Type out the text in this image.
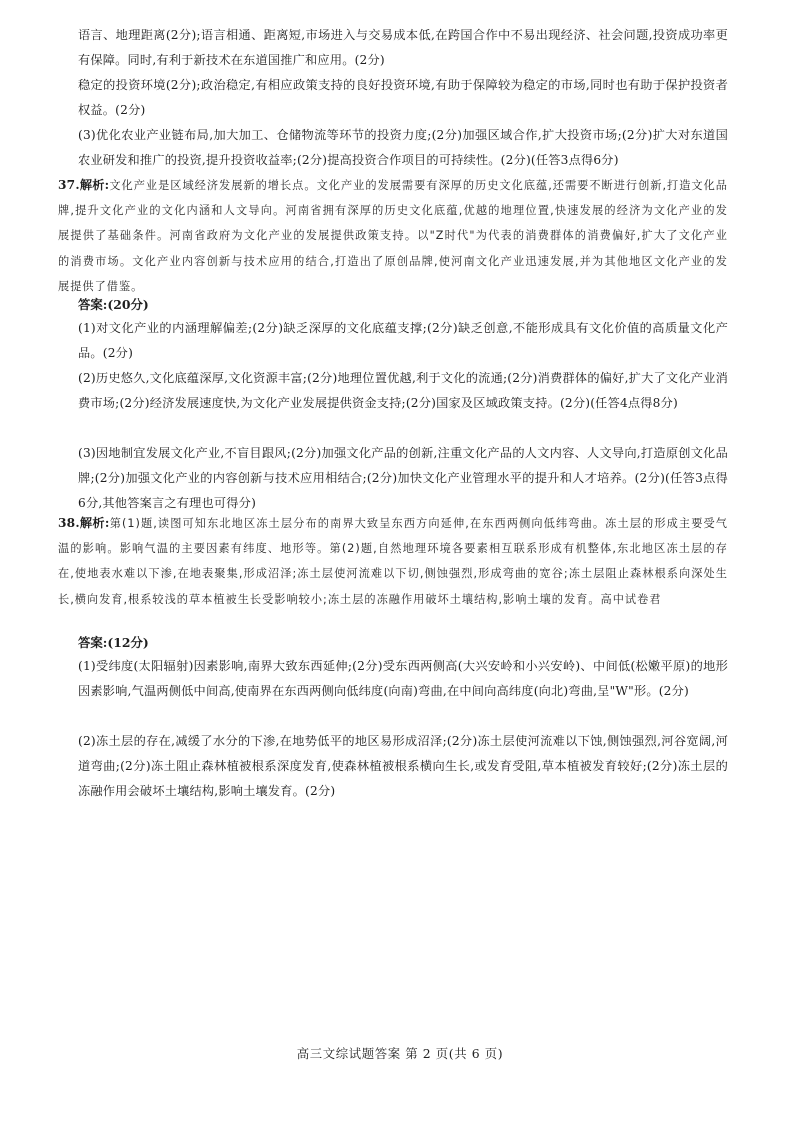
语言、地理距离(2分);语言相通、距离短,市场进入与交易成本低,在跨国合作中不易出现经济、社会问题,投资成功率更有保障。同时,有利于新技术在东道国推广和应用。(2分)
稳定的投资环境(2分);政治稳定,有相应政策支持的良好投资环境,有助于保障较为稳定的市场,同时也有助于保护投资者权益。(2分)
(3)优化农业产业链布局,加大加工、仓储物流等环节的投资力度;(2分)加强区域合作,扩大投资市场;(2分)扩大对东道国农业研发和推广的投资,提升投资收益率;(2分)提高投资合作项目的可持续性。(2分)(任答3点得6分)
37.解析:文化产业是区域经济发展新的增长点。文化产业的发展需要有深厚的历史文化底蕴,还需要不断进行创新,打造文化品牌,提升文化产业的文化内涵和人文导向。河南省拥有深厚的历史文化底蕴,优越的地理位置,快速发展的经济为文化产业的发展提供了基础条件。河南省政府为文化产业的发展提供政策支持。以"Z时代"为代表的消费群体的消费偏好,扩大了文化产业的消费市场。文化产业内容创新与技术应用的结合,打造出了原创品牌,使河南文化产业迅速发展,并为其他地区文化产业的发展提供了借鉴。
答案:(20分)
(1)对文化产业的内涵理解偏差;(2分)缺乏深厚的文化底蕴支撑;(2分)缺乏创意,不能形成具有文化价值的高质量文化产品。(2分)
(2)历史悠久,文化底蕴深厚,文化资源丰富;(2分)地理位置优越,利于文化的流通;(2分)消费群体的偏好,扩大了文化产业消费市场;(2分)经济发展速度快,为文化产业发展提供资金支持;(2分)国家及区域政策支持。(2分)(任答4点得8分)
(3)因地制宜发展文化产业,不盲目跟风;(2分)加强文化产品的创新,注重文化产品的人文内容、人文导向,打造原创文化品牌;(2分)加强文化产业的内容创新与技术应用相结合;(2分)加快文化产业管理水平的提升和人才培养。(2分)(任答3点得6分,其他答案言之有理也可得分)
38.解析:第(1)题,读图可知东北地区冻土层分布的南界大致呈东西方向延伸,在东西两侧向低纬弯曲。冻土层的形成主要受气温的影响。影响气温的主要因素有纬度、地形等。第(2)题,自然地理环境各要素相互联系形成有机整体,东北地区冻土层的存在,使地表水难以下渗,在地表聚集,形成沼泽;冻土层使河流难以下切,侧蚀强烈,形成弯曲的宽谷;冻土层阻止森林根系向深处生长,横向发育,根系较浅的草本植被生长受影响较小;冻土层的冻融作用破坏土壤结构,影响土壤的发育。高中试卷君
答案:(12分)
(1)受纬度(太阳辐射)因素影响,南界大致东西延伸;(2分)受东西两侧高(大兴安岭和小兴安岭)、中间低(松嫩平原)的地形因素影响,气温两侧低中间高,使南界在东西两侧向低纬度(向南)弯曲,在中间向高纬度(向北)弯曲,呈"W"形。(2分)
(2)冻土层的存在,减缓了水分的下渗,在地势低平的地区易形成沼泽;(2分)冻土层使河流难以下蚀,侧蚀强烈,河谷宽阔,河道弯曲;(2分)冻土阻止森林植被根系深度发育,使森林植被根系横向生长,或发育受阻,草本植被发育较好;(2分)冻土层的冻融作用会破坏土壤结构,影响土壤发育。(2分)
高三文综试题答案 第 2 页(共 6 页)
